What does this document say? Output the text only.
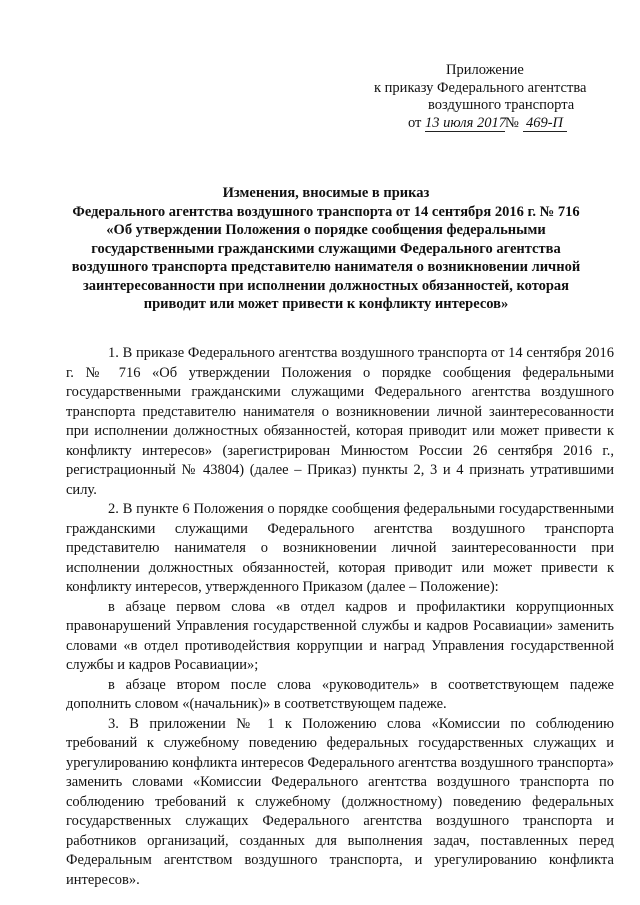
Приложение
к приказу Федерального агентства
воздушного транспорта
от 13 июля 2017№ 469-П
Изменения, вносимые в приказ
Федерального агентства воздушного транспорта от 14 сентября 2016 г. № 716
«Об утверждении Положения о порядке сообщения федеральными
государственными гражданскими служащими Федерального агентства
воздушного транспорта представителю нанимателя о возникновении личной
заинтересованности при исполнении должностных обязанностей, которая
приводит или может привести к конфликту интересов»

1. В приказе Федерального агентства воздушного транспорта от 14 сентября 2016 г. № 716 «Об утверждении Положения о порядке сообщения федеральными государственными гражданскими служащими Федерального агентства воздушного транспорта представителю нанимателя о возникновении личной заинтересованности при исполнении должностных обязанностей, которая приводит или может привести к конфликту интересов» (зарегистрирован Минюстом России 26 сентября 2016 г., регистрационный № 43804) (далее – Приказ) пункты 2, 3 и 4 признать утратившими силу.

2. В пункте 6 Положения о порядке сообщения федеральными государственными гражданскими служащими Федерального агентства воздушного транспорта представителю нанимателя о возникновении личной заинтересованности при исполнении должностных обязанностей, которая приводит или может привести к конфликту интересов, утвержденного Приказом (далее – Положение):

в абзаце первом слова «в отдел кадров и профилактики коррупционных правонарушений Управления государственной службы и кадров Росавиации» заменить словами «в отдел противодействия коррупции и наград Управления государственной службы и кадров Росавиации»;

в абзаце втором после слова «руководитель» в соответствующем падеже дополнить словом «(начальник)» в соответствующем падеже.

3. В приложении № 1 к Положению слова «Комиссии по соблюдению требований к служебному поведению федеральных государственных служащих и урегулированию конфликта интересов Федерального агентства воздушного транспорта» заменить словами «Комиссии Федерального агентства воздушного транспорта по соблюдению требований к служебному (должностному) поведению федеральных государственных служащих Федерального агентства воздушного транспорта и работников организаций, созданных для выполнения задач, поставленных перед Федеральным агентством воздушного транспорта, и урегулированию конфликта интересов».
